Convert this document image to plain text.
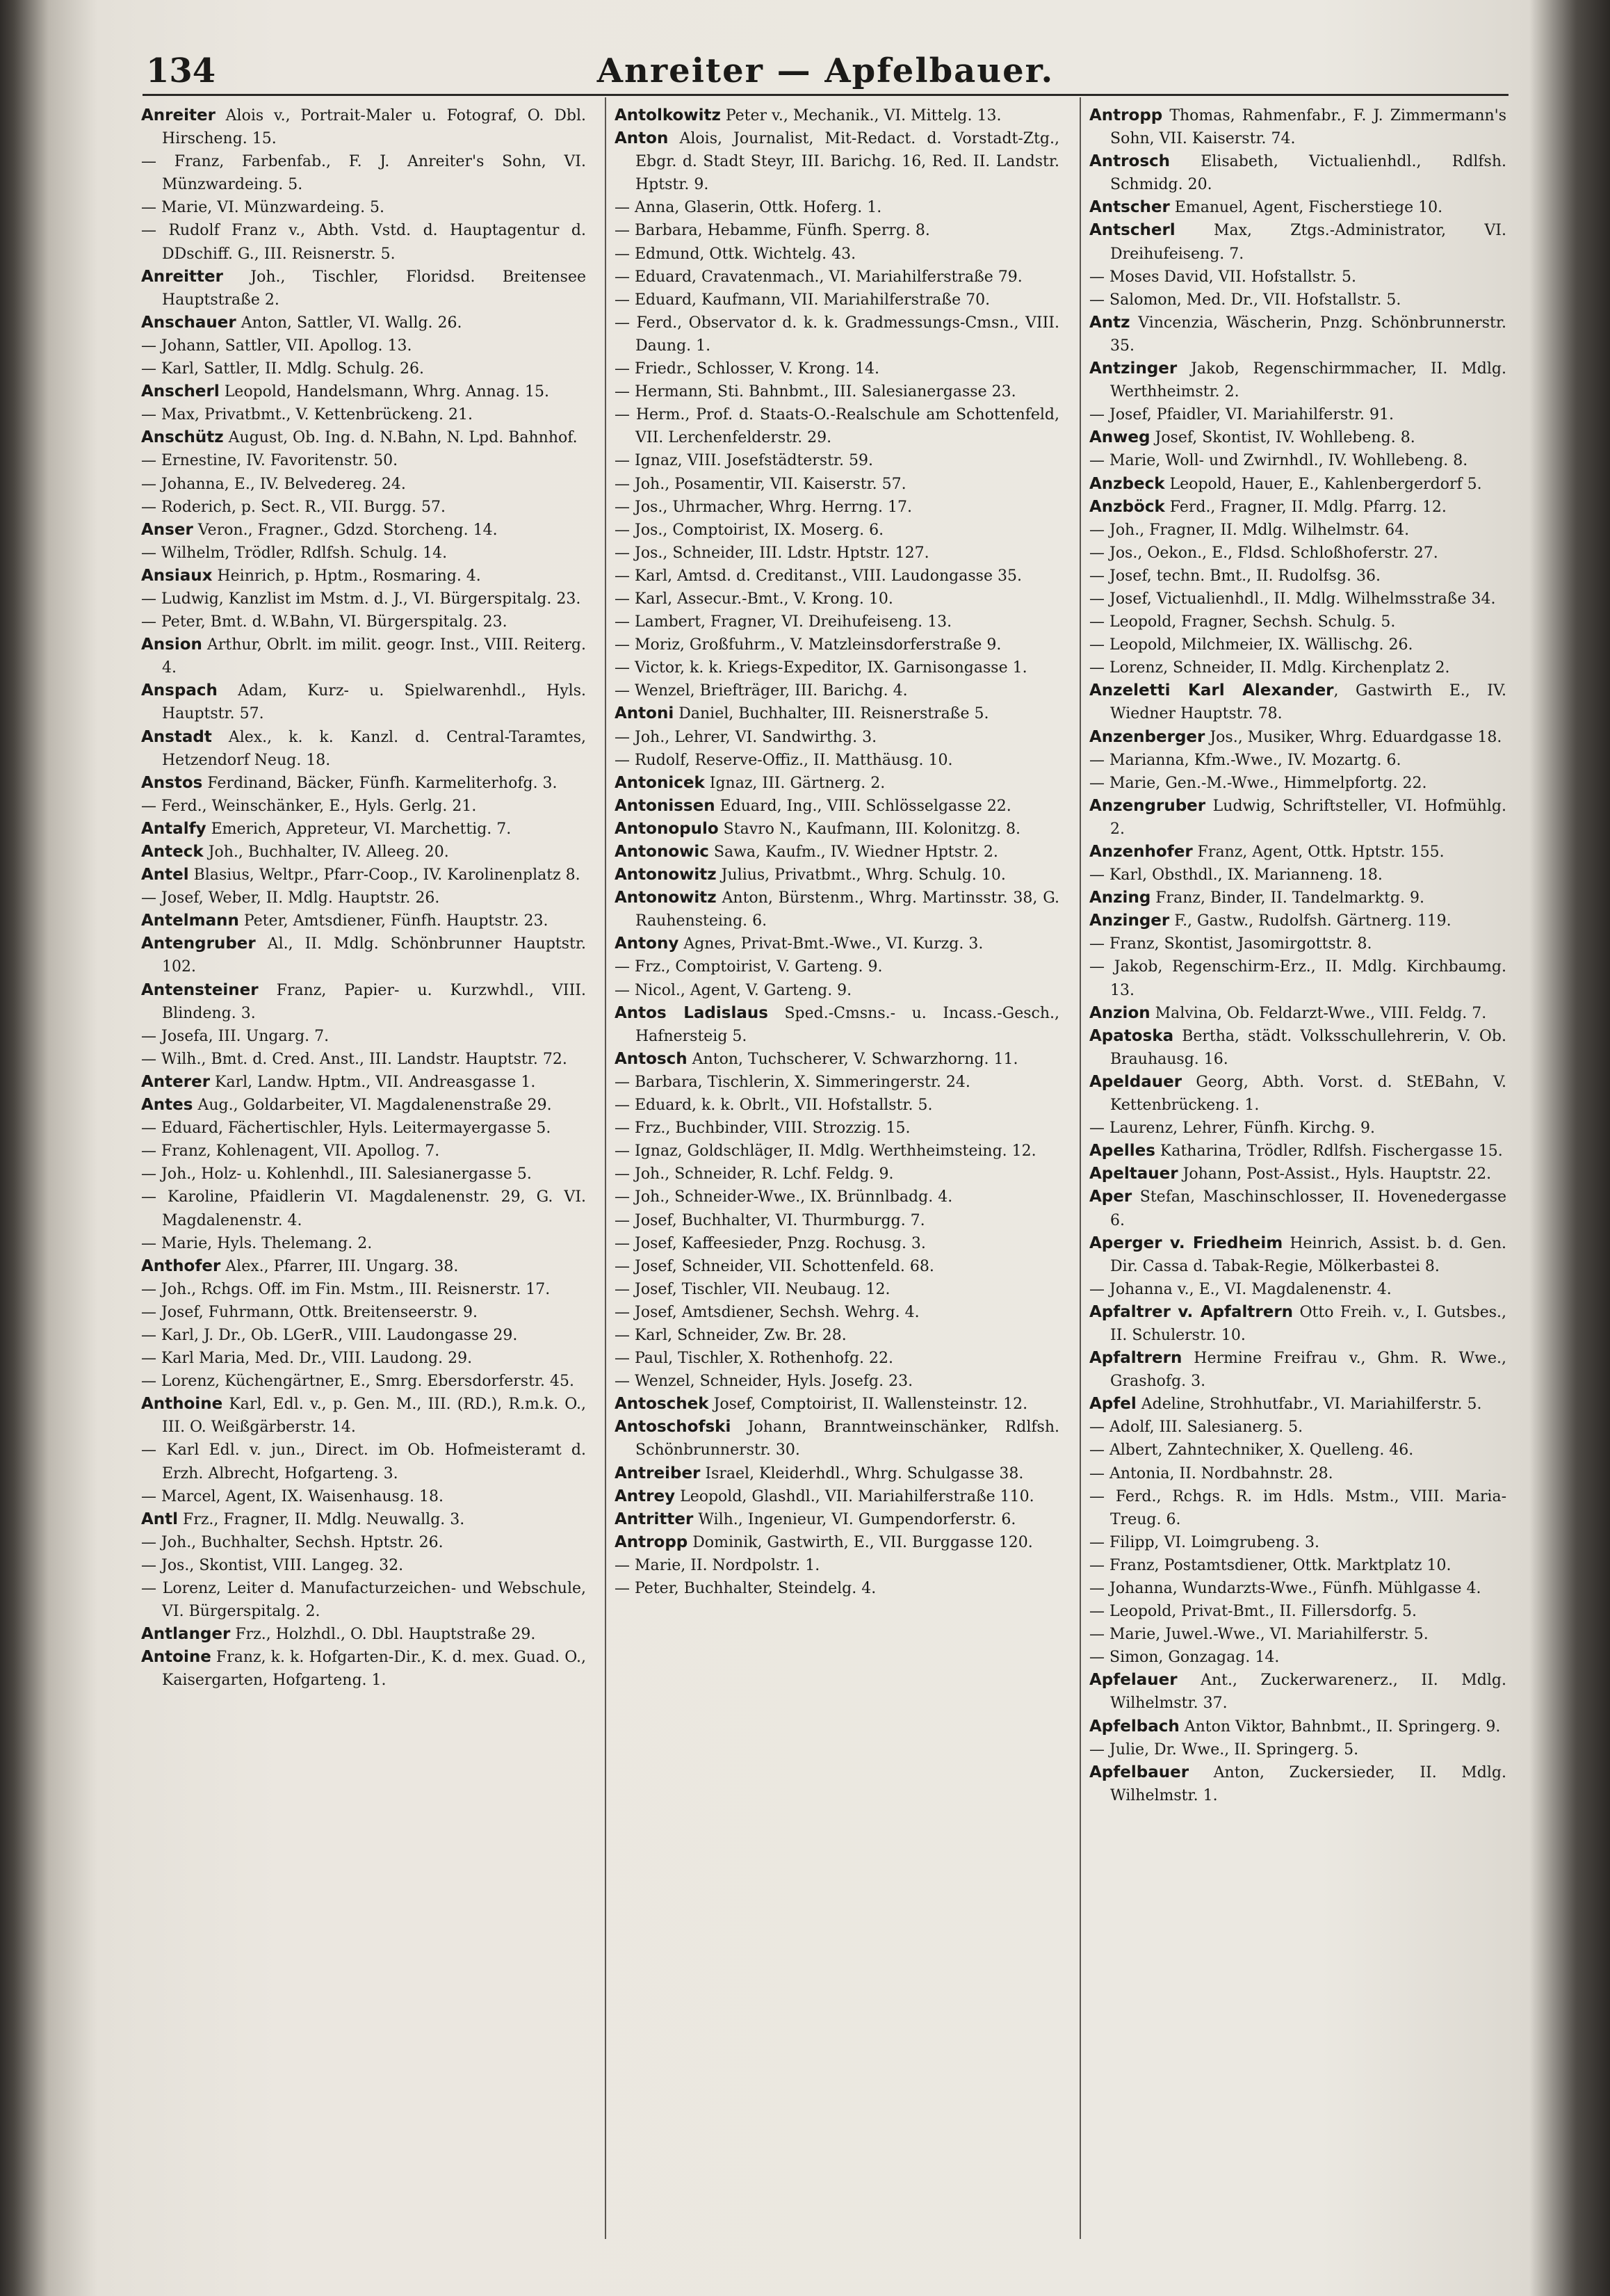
134	Anreiter — Apfelbauer.

Anreiter Alois v., Portrait-Maler u. Fotograf, O. Dbl. Hirscheng. 15.

— Franz, Farbenfab., F. J. Anreiter's Sohn, VI. Münzwardeing. 5.

— Marie, VI. Münzwardeing. 5.

— Rudolf Franz v., Abth. Vstd. d. Hauptagentur d. DDschiff. G., III. Reisnerstr. 5.

Anreitter Joh., Tischler, Floridsd. Breitensee Hauptstraße 2.

Anschauer Anton, Sattler, VI. Wallg. 26.

— Johann, Sattler, VII. Apollog. 13.

— Karl, Sattler, II. Mdlg. Schulg. 26.

Anscherl Leopold, Handelsmann, Whrg. Annag. 15.

— Max, Privatbmt., V. Kettenbrückeng. 21.

Anschütz August, Ob. Ing. d. N.Bahn, N. Lpd. Bahnhof.

— Ernestine, IV. Favoritenstr. 50.

— Johanna, E., IV. Belvedereg. 24.

— Roderich, p. Sect. R., VII. Burgg. 57.

Anser Veron., Fragner., Gdzd. Storcheng. 14.

— Wilhelm, Trödler, Rdlfsh. Schulg. 14.

Ansiaux Heinrich, p. Hptm., Rosmaring. 4.

— Ludwig, Kanzlist im Mstm. d. J., VI. Bürgerspitalg. 23.

— Peter, Bmt. d. W.Bahn, VI. Bürgerspitalg. 23.

Ansion Arthur, Obrlt. im milit. geogr. Inst., VIII. Reiterg. 4.

Anspach Adam, Kurz- u. Spielwarenhdl., Hyls. Hauptstr. 57.

Anstadt Alex., k. k. Kanzl. d. Central-Taramtes, Hetzendorf Neug. 18.

Anstos Ferdinand, Bäcker, Fünfh. Karmeliterhofg. 3.

— Ferd., Weinschänker, E., Hyls. Gerlg. 21.

Antalfy Emerich, Appreteur, VI. Marchettig. 7.

Anteck Joh., Buchhalter, IV. Alleeg. 20.

Antel Blasius, Weltpr., Pfarr-Coop., IV. Karolinenplatz 8.

— Josef, Weber, II. Mdlg. Hauptstr. 26.

Antelmann Peter, Amtsdiener, Fünfh. Hauptstr. 23.

Antengruber Al., II. Mdlg. Schönbrunner Hauptstr. 102.

Antensteiner Franz, Papier- u. Kurzwhdl., VIII. Blindeng. 3.

— Josefa, III. Ungarg. 7.

— Wilh., Bmt. d. Cred. Anst., III. Landstr. Hauptstr. 72.

Anterer Karl, Landw. Hptm., VII. Andreasgasse 1.

Antes Aug., Goldarbeiter, VI. Magdalenenstraße 29.

— Eduard, Fächertischler, Hyls. Leitermayergasse 5.

— Franz, Kohlenagent, VII. Apollog. 7.

— Joh., Holz- u. Kohlenhdl., III. Salesianergasse 5.

— Karoline, Pfaidlerin VI. Magdalenenstr. 29, G. VI. Magdalenenstr. 4.

— Marie, Hyls. Thelemang. 2.

Anthofer Alex., Pfarrer, III. Ungarg. 38.

— Joh., Rchgs. Off. im Fin. Mstm., III. Reisnerstr. 17.

— Josef, Fuhrmann, Ottk. Breitenseerstr. 9.

— Karl, J. Dr., Ob. LGerR., VIII. Laudongasse 29.

— Karl Maria, Med. Dr., VIII. Laudong. 29.

— Lorenz, Küchengärtner, E., Smrg. Ebersdorferstr. 45.

Anthoine Karl, Edl. v., p. Gen. M., III. (RD.), R.m.k. O., III. O. Weißgärberstr. 14.

— Karl Edl. v. jun., Direct. im Ob. Hofmeisteramt d. Erzh. Albrecht, Hofgarteng. 3.

— Marcel, Agent, IX. Waisenhausg. 18.

Antl Frz., Fragner, II. Mdlg. Neuwallg. 3.

— Joh., Buchhalter, Sechsh. Hptstr. 26.

— Jos., Skontist, VIII. Langeg. 32.

— Lorenz, Leiter d. Manufacturzeichen- und Webschule, VI. Bürgerspitalg. 2.

Antlanger Frz., Holzhdl., O. Dbl. Hauptstraße 29.

Antoine Franz, k. k. Hofgarten-Dir., K. d. mex. Guad. O., Kaisergarten, Hofgarteng. 1.

Antolkowitz Peter v., Mechanik., VI. Mittelg. 13.

Anton Alois, Journalist, Mit-Redact. d. Vorstadt-Ztg., Ebgr. d. Stadt Steyr, III. Barichg. 16, Red. II. Landstr. Hptstr. 9.

— Anna, Glaserin, Ottk. Hoferg. 1.

— Barbara, Hebamme, Fünfh. Sperrg. 8.

— Edmund, Ottk. Wichtelg. 43.

— Eduard, Cravatenmach., VI. Mariahilferstraße 79.

— Eduard, Kaufmann, VII. Mariahilferstraße 70.

— Ferd., Observator d. k. k. Gradmessungs-Cmsn., VIII. Daung. 1.

— Friedr., Schlosser, V. Krong. 14.

— Hermann, Sti. Bahnbmt., III. Salesianergasse 23.

— Herm., Prof. d. Staats-O.-Realschule am Schottenfeld, VII. Lerchenfelderstr. 29.

— Ignaz, VIII. Josefstädterstr. 59.

— Joh., Posamentir, VII. Kaiserstr. 57.

— Jos., Uhrmacher, Whrg. Herrng. 17.

— Jos., Comptoirist, IX. Moserg. 6.

— Jos., Schneider, III. Ldstr. Hptstr. 127.

— Karl, Amtsd. d. Creditanst., VIII. Laudongasse 35.

— Karl, Assecur.-Bmt., V. Krong. 10.

— Lambert, Fragner, VI. Dreihufeiseng. 13.

— Moriz, Großfuhrm., V. Matzleinsdorferstraße 9.

— Victor, k. k. Kriegs-Expeditor, IX. Garnisongasse 1.

— Wenzel, Briefträger, III. Barichg. 4.

Antoni Daniel, Buchhalter, III. Reisnerstraße 5.

— Joh., Lehrer, VI. Sandwirthg. 3.

— Rudolf, Reserve-Offiz., II. Matthäusg. 10.

Antonicek Ignaz, III. Gärtnerg. 2.

Antonissen Eduard, Ing., VIII. Schlösselgasse 22.

Antonopulo Stavro N., Kaufmann, III. Kolonitzg. 8.

Antonowic Sawa, Kaufm., IV. Wiedner Hptstr. 2.

Antonowitz Julius, Privatbmt., Whrg. Schulg. 10.

Antonowitz Anton, Bürstenm., Whrg. Martinsstr. 38, G. Rauhensteing. 6.

Antony Agnes, Privat-Bmt.-Wwe., VI. Kurzg. 3.

— Frz., Comptoirist, V. Garteng. 9.

— Nicol., Agent, V. Garteng. 9.

Antos Ladislaus Sped.-Cmsns.- u. Incass.-Gesch., Hafnersteig 5.

Antosch Anton, Tuchscherer, V. Schwarzhorng. 11.

— Barbara, Tischlerin, X. Simmeringerstr. 24.

— Eduard, k. k. Obrlt., VII. Hofstallstr. 5.

— Frz., Buchbinder, VIII. Strozzig. 15.

— Ignaz, Goldschläger, II. Mdlg. Werthheimsteing. 12.

— Joh., Schneider, R. Lchf. Feldg. 9.

— Joh., Schneider-Wwe., IX. Brünnlbadg. 4.

— Josef, Buchhalter, VI. Thurmburgg. 7.

— Josef, Kaffeesieder, Pnzg. Rochusg. 3.

— Josef, Schneider, VII. Schottenfeld. 68.

— Josef, Tischler, VII. Neubaug. 12.

— Josef, Amtsdiener, Sechsh. Wehrg. 4.

— Karl, Schneider, Zw. Br. 28.

— Paul, Tischler, X. Rothenhofg. 22.

— Wenzel, Schneider, Hyls. Josefg. 23.

Antoschek Josef, Comptoirist, II. Wallensteinstr. 12.

Antoschofski Johann, Branntweinschänker, Rdlfsh. Schönbrunnerstr. 30.

Antreiber Israel, Kleiderhdl., Whrg. Schulgasse 38.

Antrey Leopold, Glashdl., VII. Mariahilferstraße 110.

Antritter Wilh., Ingenieur, VI. Gumpendorferstr. 6.

Antropp Dominik, Gastwirth, E., VII. Burggasse 120.

— Marie, II. Nordpolstr. 1.

— Peter, Buchhalter, Steindelg. 4.

Antropp Thomas, Rahmenfabr., F. J. Zimmermann's Sohn, VII. Kaiserstr. 74.

Antrosch Elisabeth, Victualienhdl., Rdlfsh. Schmidg. 20.

Antscher Emanuel, Agent, Fischerstiege 10.

Antscherl Max, Ztgs.-Administrator, VI. Dreihufeiseng. 7.

— Moses David, VII. Hofstallstr. 5.

— Salomon, Med. Dr., VII. Hofstallstr. 5.

Antz Vincenzia, Wäscherin, Pnzg. Schönbrunnerstr. 35.

Antzinger Jakob, Regenschirmmacher, II. Mdlg. Werthheimstr. 2.

— Josef, Pfaidler, VI. Mariahilferstr. 91.

Anweg Josef, Skontist, IV. Wohllebeng. 8.

— Marie, Woll- und Zwirnhdl., IV. Wohllebeng. 8.

Anzbeck Leopold, Hauer, E., Kahlenbergerdorf 5.

Anzböck Ferd., Fragner, II. Mdlg. Pfarrg. 12.

— Joh., Fragner, II. Mdlg. Wilhelmstr. 64.

— Jos., Oekon., E., Fldsd. Schloßhoferstr. 27.

— Josef, techn. Bmt., II. Rudolfsg. 36.

— Josef, Victualienhdl., II. Mdlg. Wilhelmsstraße 34.

— Leopold, Fragner, Sechsh. Schulg. 5.

— Leopold, Milchmeier, IX. Wällischg. 26.

— Lorenz, Schneider, II. Mdlg. Kirchenplatz 2.

Anzeletti Karl Alexander, Gastwirth E., IV. Wiedner Hauptstr. 78.

Anzenberger Jos., Musiker, Whrg. Eduardgasse 18.

— Marianna, Kfm.-Wwe., IV. Mozartg. 6.

— Marie, Gen.-M.-Wwe., Himmelpfortg. 22.

Anzengruber Ludwig, Schriftsteller, VI. Hofmühlg. 2.

Anzenhofer Franz, Agent, Ottk. Hptstr. 155.

— Karl, Obsthdl., IX. Marianneng. 18.

Anzing Franz, Binder, II. Tandelmarktg. 9.

Anzinger F., Gastw., Rudolfsh. Gärtnerg. 119.

— Franz, Skontist, Jasomirgottstr. 8.

— Jakob, Regenschirm-Erz., II. Mdlg. Kirchbaumg. 13.

Anzion Malvina, Ob. Feldarzt-Wwe., VIII. Feldg. 7.

Apatoska Bertha, städt. Volksschullehrerin, V. Ob. Brauhausg. 16.

Apeldauer Georg, Abth. Vorst. d. StEBahn, V. Kettenbrückeng. 1.

— Laurenz, Lehrer, Fünfh. Kirchg. 9.

Apelles Katharina, Trödler, Rdlfsh. Fischergasse 15.

Apeltauer Johann, Post-Assist., Hyls. Hauptstr. 22.

Aper Stefan, Maschinschlosser, II. Hovenedergasse 6.

Aperger v. Friedheim Heinrich, Assist. b. d. Gen. Dir. Cassa d. Tabak-Regie, Mölkerbastei 8.

— Johanna v., E., VI. Magdalenenstr. 4.

Apfaltrer v. Apfaltrern Otto Freih. v., I. Gutsbes., II. Schulerstr. 10.

Apfaltrern Hermine Freifrau v., Ghm. R. Wwe., Grashofg. 3.

Apfel Adeline, Strohhutfabr., VI. Mariahilferstr. 5.

— Adolf, III. Salesianerg. 5.

— Albert, Zahntechniker, X. Quelleng. 46.

— Antonia, II. Nordbahnstr. 28.

— Ferd., Rchgs. R. im Hdls. Mstm., VIII. Maria-Treug. 6.

— Filipp, VI. Loimgrubeng. 3.

— Franz, Postamtsdiener, Ottk. Marktplatz 10.

— Johanna, Wundarzts-Wwe., Fünfh. Mühlgasse 4.

— Leopold, Privat-Bmt., II. Fillersdorfg. 5.

— Marie, Juwel.-Wwe., VI. Mariahilferstr. 5.

— Simon, Gonzagag. 14.

Apfelauer Ant., Zuckerwarenerz., II. Mdlg. Wilhelmstr. 37.

Apfelbach Anton Viktor, Bahnbmt., II. Springerg. 9.

— Julie, Dr. Wwe., II. Springerg. 5.

Apfelbauer Anton, Zuckersieder, II. Mdlg. Wilhelmstr. 1.
